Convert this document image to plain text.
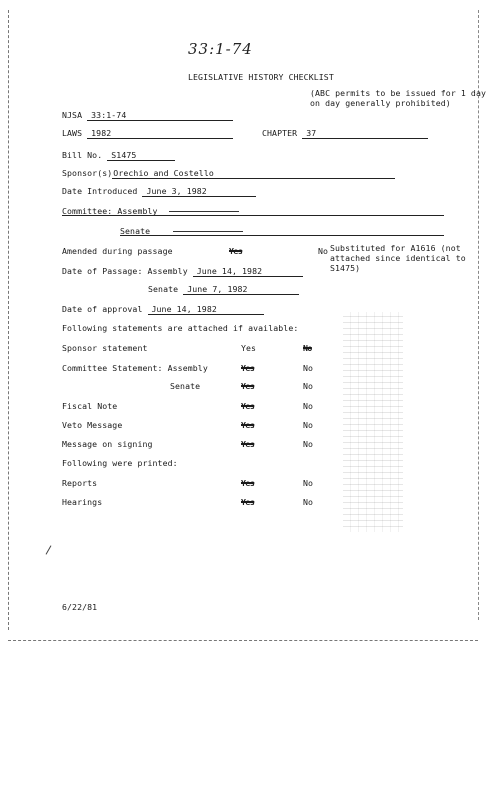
33:1-74
LEGISLATIVE HISTORY CHECKLIST
(ABC permits to be issued for 1 day
on day generally prohibited)
NJSA 33:1-74
LAWS 1982	CHAPTER 37
Bill No. S1475
Sponsor(s)Orechio and Costello
Date Introduced June 3, 1982
Committee: Assembly
Senate
Amended during passage	Yes	No Substituted for A1616 (not
attached since identical to
S1475)
Date of Passage: Assembly June 14, 1982
Senate June 7, 1982
Date of approval June 14, 1982
Following statements are attached if available:
Sponsor statement	Yes	No
Committee Statement: Assembly	Yes	No
Senate	Yes	No
Fiscal Note	Yes	No
Veto Message	Yes	No
Message on signing	Yes	No
Following were printed:
Reports	Yes	No
Hearings	Yes	No
6/22/81
